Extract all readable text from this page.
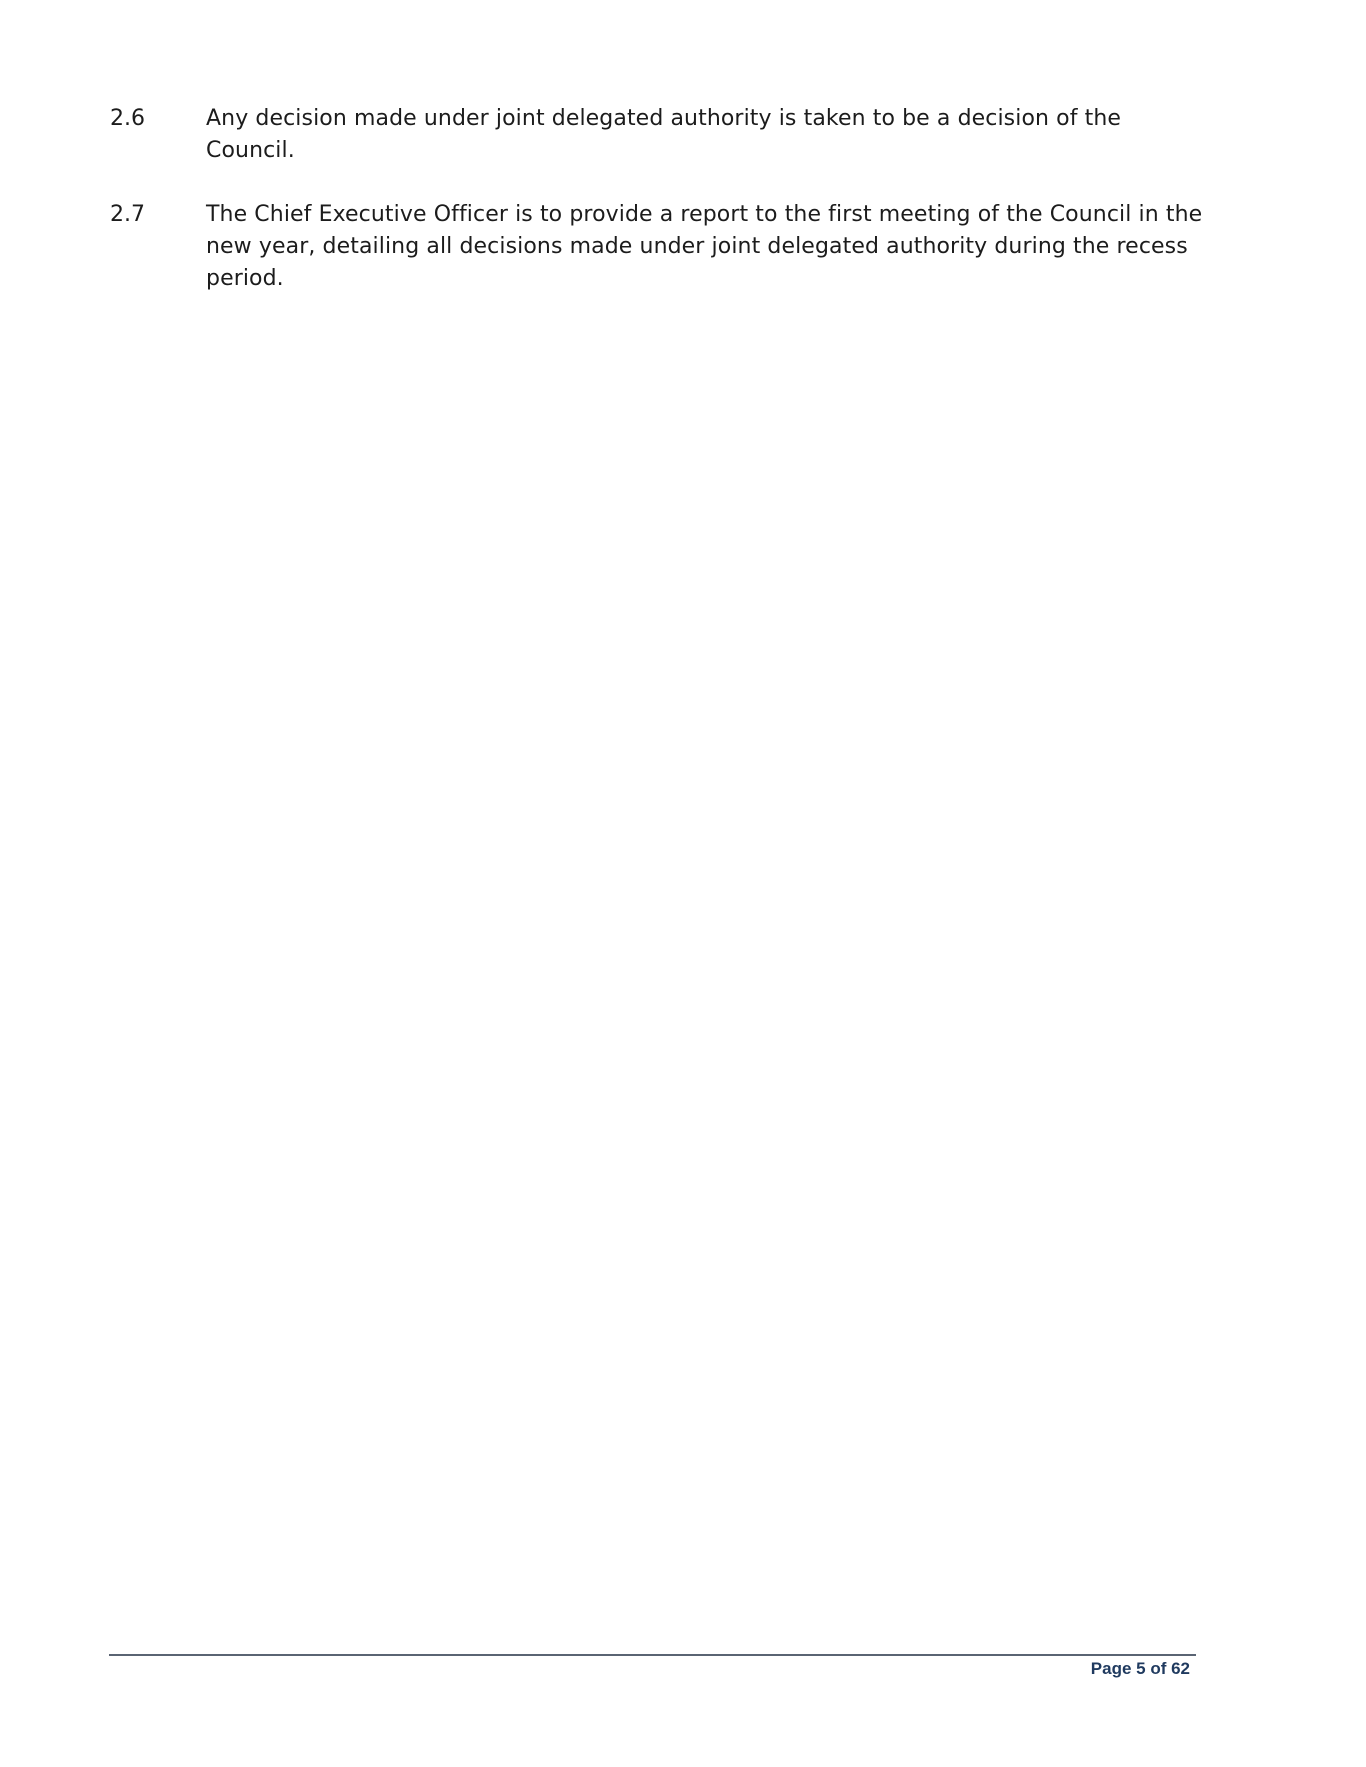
2.6	Any decision made under joint delegated authority is taken to be a decision of the Council.
2.7	The Chief Executive Officer is to provide a report to the first meeting of the Council in the new year, detailing all decisions made under joint delegated authority during the recess period.
Page 5 of 62
